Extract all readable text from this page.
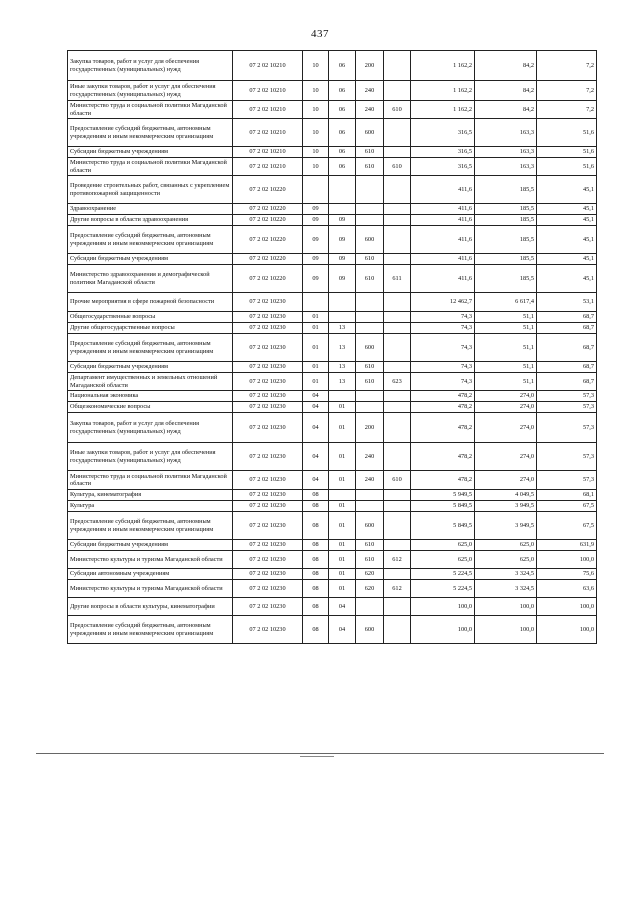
437
Закупка товаров, работ и услуг для обеспечения государственных (муниципальных) нужд	07 2 02 10210	10	06	200		1 162,2	84,2	7,2
Иные закупки товаров, работ и услуг для обеспечения государственных (муниципальных) нужд	07 2 02 10210	10	06	240		1 162,2	84,2	7,2
Министерство труда и социальной политики Магаданской области	07 2 02 10210	10	06	240	610	1 162,2	84,2	7,2
Предоставление субсидий бюджетным, автономным учреждениям и иным некоммерческим организациям	07 2 02 10210	10	06	600		316,5	163,3	51,6
Субсидии бюджетным учреждениям	07 2 02 10210	10	06	610		316,5	163,3	51,6
Министерство труда и социальной политики Магаданской области	07 2 02 10210	10	06	610	610	316,5	163,3	51,6
Проведение строительных работ, связанных с укреплением противопожарной защищенности	07 2 02 10220					411,6	185,5	45,1
Здравоохранение	07 2 02 10220	09				411,6	185,5	45,1
Другие вопросы в области здравоохранения	07 2 02 10220	09	09			411,6	185,5	45,1
Предоставление субсидий бюджетным, автономным учреждениям и иным некоммерческим организациям	07 2 02 10220	09	09	600		411,6	185,5	45,1
Субсидии бюджетным учреждениям	07 2 02 10220	09	09	610		411,6	185,5	45,1
Министерство здравоохранения и демографической политики Магаданской области	07 2 02 10220	09	09	610	611	411,6	185,5	45,1
Прочие мероприятия в сфере пожарной безопасности	07 2 02 10230					12 462,7	6 617,4	53,1
Общегосударственные вопросы	07 2 02 10230	01				74,3	51,1	68,7
Другие общегосударственные вопросы	07 2 02 10230	01	13			74,3	51,1	68,7
Предоставление субсидий бюджетным, автономным учреждениям и иным некоммерческим организациям	07 2 02 10230	01	13	600		74,3	51,1	68,7
Субсидии бюджетным учреждениям	07 2 02 10230	01	13	610		74,3	51,1	68,7
Департамент имущественных и земельных отношений Магаданской области	07 2 02 10230	01	13	610	623	74,3	51,1	68,7
Национальная экономика	07 2 02 10230	04				478,2	274,0	57,3
Общеэкономические вопросы	07 2 02 10230	04	01			478,2	274,0	57,3
Закупка товаров, работ и услуг для обеспечения государственных (муниципальных) нужд	07 2 02 10230	04	01	200		478,2	274,0	57,3
Иные закупки товаров, работ и услуг для обеспечения государственных (муниципальных) нужд	07 2 02 10230	04	01	240		478,2	274,0	57,3
Министерство труда и социальной политики Магаданской области	07 2 02 10230	04	01	240	610	478,2	274,0	57,3
Культура, кинематография	07 2 02 10230	08				5 949,5	4 049,5	68,1
Культура	07 2 02 10230	08	01			5 849,5	3 949,5	67,5
Предоставление субсидий бюджетным, автономным учреждениям и иным некоммерческим организациям	07 2 02 10230	08	01	600		5 849,5	3 949,5	67,5
Субсидии бюджетным учреждениям	07 2 02 10230	08	01	610		625,0	625,0	631,9
Министерство культуры и туризма Магаданской области	07 2 02 10230	08	01	610	612	625,0	625,0	100,0
Субсидии автономным учреждениям	07 2 02 10230	08	01	620		5 224,5	3 324,5	75,6
Министерство культуры и туризма Магаданской области	07 2 02 10230	08	01	620	612	5 224,5	3 324,5	63,6
Другие вопросы в области культуры, кинематографии	07 2 02 10230	08	04			100,0	100,0	100,0
Предоставление субсидий бюджетным, автономным учреждениям и иным некоммерческим организациям	07 2 02 10230	08	04	600		100,0	100,0	100,0
